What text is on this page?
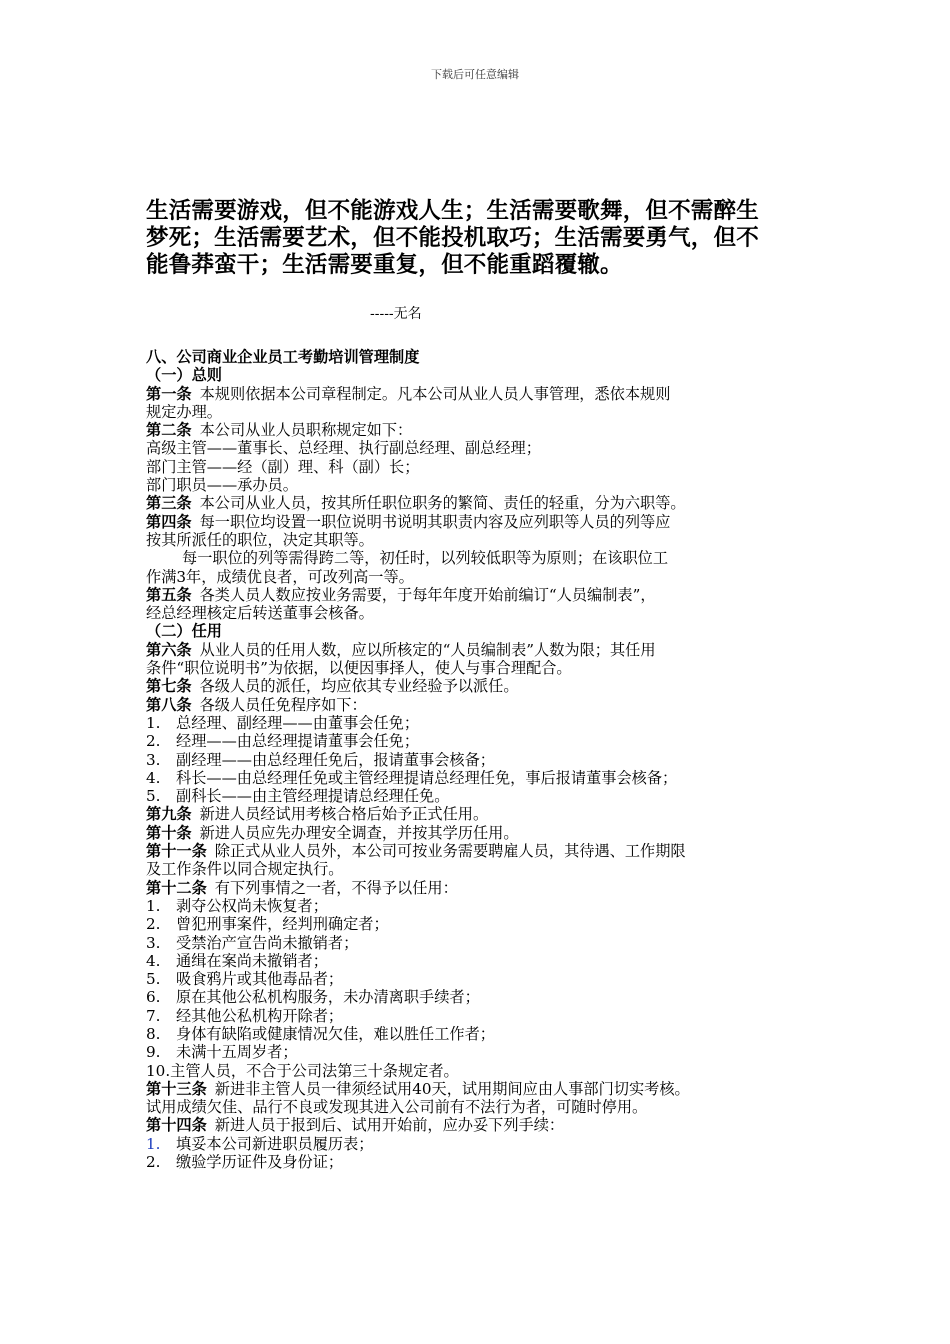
下载后可任意编辑
生活需要游戏，但不能游戏人生；生活需要歌舞，但不需醉生
梦死；生活需要艺术，但不能投机取巧；生活需要勇气，但不
能鲁莽蛮干；生活需要重复，但不能重蹈覆辙。
-----无名
八、公司商业企业员工考勤培训管理制度
（一）总则
第一条 本规则依据本公司章程制定。凡本公司从业人员人事管理，悉依本规则
规定办理。
第二条 本公司从业人员职称规定如下：
高级主管——董事长、总经理、执行副总经理、副总经理；
部门主管——经（副）理、科（副）长；
部门职员——承办员。
第三条 本公司从业人员，按其所任职位职务的繁简、责任的轻重，分为六职等。
第四条 每一职位均设置一职位说明书说明其职责内容及应列职等人员的列等应
按其所派任的职位，决定其职等。
每一职位的列等需得跨二等，初任时，以列较低职等为原则；在该职位工
作满3年，成绩优良者，可改列高一等。
第五条 各类人员人数应按业务需要，于每年年度开始前编订“人员编制表”，
经总经理核定后转送董事会核备。
（二）任用
第六条 从业人员的任用人数，应以所核定的“人员编制表”人数为限；其任用
条件“职位说明书”为依据，以便因事择人，使人与事合理配合。
第七条 各级人员的派任，均应依其专业经验予以派任。
第八条 各级人员任免程序如下：
1. 总经理、副经理——由董事会任免；
2. 经理——由总经理提请董事会任免；
3. 副经理——由总经理任免后，报请董事会核备；
4. 科长——由总经理任免或主管经理提请总经理任免，事后报请董事会核备；
5. 副科长——由主管经理提请总经理任免。
第九条 新进人员经试用考核合格后始予正式任用。
第十条 新进人员应先办理安全调查，并按其学历任用。
第十一条 除正式从业人员外，本公司可按业务需要聘雇人员，其待遇、工作期限
及工作条件以同合规定执行。
第十二条 有下列事情之一者，不得予以任用：
1. 剥夺公权尚未恢复者；
2. 曾犯刑事案件，经判刑确定者；
3. 受禁治产宣告尚未撤销者；
4. 通缉在案尚未撤销者；
5. 吸食鸦片或其他毒品者；
6. 原在其他公私机构服务，未办清离职手续者；
7. 经其他公私机构开除者；
8. 身体有缺陷或健康情况欠佳，难以胜任工作者；
9. 未满十五周岁者；
10.主管人员，不合于公司法第三十条规定者。
第十三条 新进非主管人员一律须经试用40天，试用期间应由人事部门切实考核。
试用成绩欠佳、品行不良或发现其进入公司前有不法行为者，可随时停用。
第十四条 新进人员于报到后、试用开始前，应办妥下列手续：
1. 填妥本公司新进职员履历表；
2. 缴验学历证件及身份证；
